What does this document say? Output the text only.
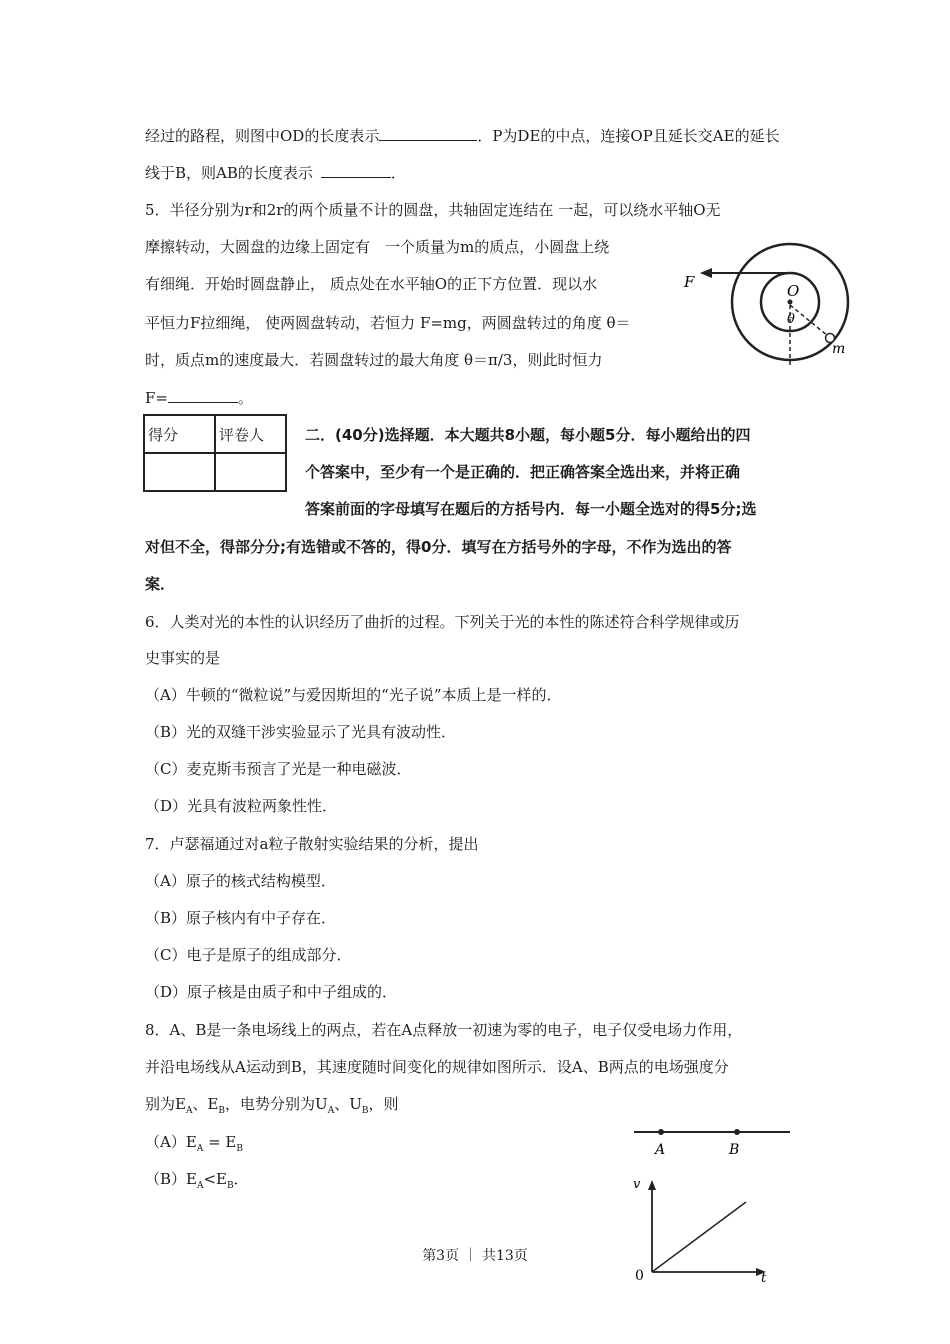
经过的路程，则图中OD的长度表示	．P为DE的中点，连接OP且延长交AE的延长
线于B，则AB的长度表示	．
5．半径分别为r和2r的两个质量不计的圆盘，共轴固定连结在 一起，可以绕水平轴O无
摩擦转动，大圆盘的边缘上固定有　一个质量为m的质点，小圆盘上绕
有细绳．开始时圆盘静止， 质点处在水平轴O的正下方位置．现以水
平恒力F拉细绳， 使两圆盘转动，若恒力 F=mg，两圆盘转过的角度 θ＝
时，质点m的速度最大．若圆盘转过的最大角度 θ＝π/3，则此时恒力
F=	。
F	O
θ
m
得分	评卷人
		二．(40分)选择题．本大题共8小题，每小题5分．每小题给出的四
个答案中，至少有一个是正确的．把正确答案全选出来，并将正确
答案前面的字母填写在题后的方括号内．每一小题全选对的得5分;选
对但不全，得部分分;有选错或不答的，得0分．填写在方括号外的字母，不作为选出的答
案．
6．人类对光的本性的认识经历了曲折的过程。下列关于光的本性的陈述符合科学规律或历
史事实的是
（A）牛顿的“微粒说”与爱因斯坦的“光子说”本质上是一样的．
（B）光的双缝干涉实验显示了光具有波动性．
（C）麦克斯韦预言了光是一种电磁波．
（D）光具有波粒两象性性．
7．卢瑟福通过对a粒子散射实验结果的分析，提出
（A）原子的核式结构模型．
（B）原子核内有中子存在．
（C）电子是原子的组成部分．
（D）原子核是由质子和中子组成的．
8．A、B是一条电场线上的两点，若在A点释放一初速为零的电子，电子仅受电场力作用，
并沿电场线从A运动到B，其速度随时间变化的规律如图所示．设A、B两点的电场强度分
别为$E_A$、$E_B$，电势分别为$U_A$、$U_B$，则
$(A)E_A = E_B$
$(B)E_A<E_B$．
A	B
v
0	t
第3页 ｜ 共13页
